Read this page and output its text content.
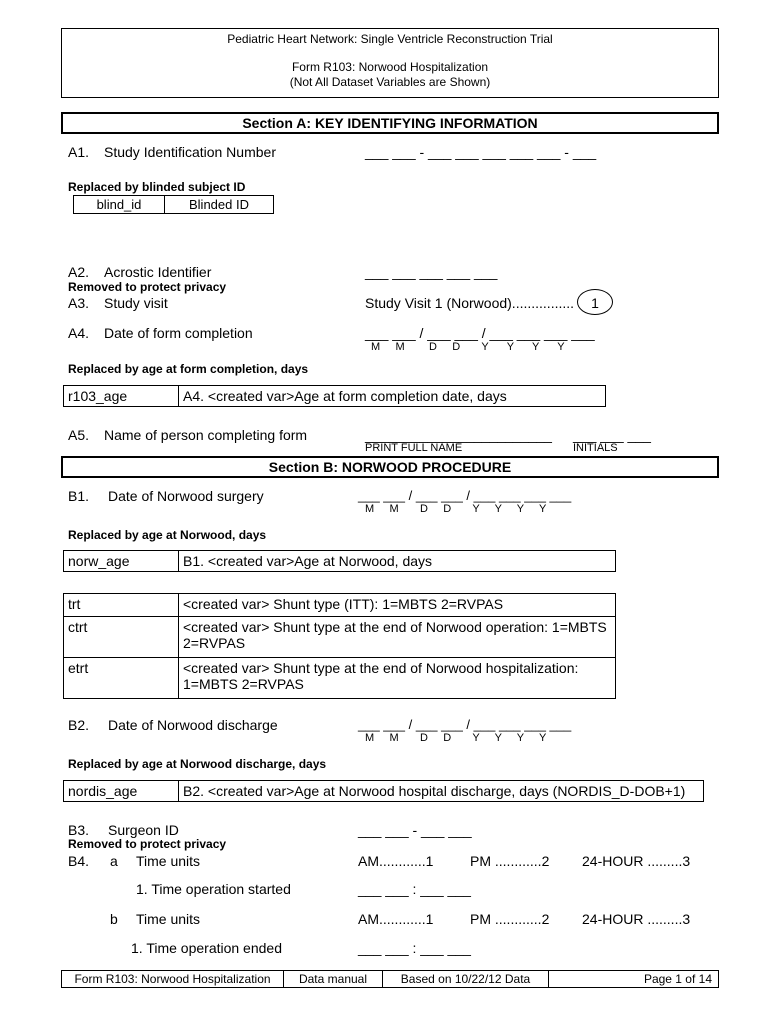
Pediatric Heart Network: Single Ventricle Reconstruction Trial
Form R103: Norwood Hospitalization
(Not All Dataset Variables are Shown)
Section A: KEY IDENTIFYING INFORMATION
A1. Study Identification Number	___ ___ - ___ ___ ___ ___ ___ - ___
Replaced by blinded subject ID
blind_id	Blinded ID
A2. Acrostic Identifier	___ ___ ___ ___ ___
Removed to protect privacy
A3. Study visit	Study Visit 1 (Norwood)................	1
A4. Date of form completion	___ ___ / ___ ___ / ___ ___ ___ ___
M     M        D     D       Y      Y      Y      Y
Replaced by age at form completion, days
r103_age	A4. <created var>Age at form completion date, days
A5. Name of person completing form	________________________ ___ ___ ___
PRINT FULL NAME	INITIALS
Section B: NORWOOD PROCEDURE
B1. Date of Norwood surgery	___ ___ / ___ ___ / ___ ___ ___ ___
M     M       D     D       Y     Y     Y     Y
Replaced by age at Norwood, days
norw_age	B1. <created var>Age at Norwood, days
trt	<created var> Shunt type (ITT): 1=MBTS 2=RVPAS
ctrt	<created var> Shunt type at the end of Norwood operation: 1=MBTS 2=RVPAS
etrt	<created var> Shunt type at the end of Norwood hospitalization: 1=MBTS 2=RVPAS
B2. Date of Norwood discharge	___ ___ / ___ ___ / ___ ___ ___ ___
M     M       D     D       Y     Y     Y     Y
Replaced by age at Norwood discharge, days
nordis_age	B2. <created var>Age at Norwood hospital discharge, days (NORDIS_D-DOB+1)
B3. Surgeon ID	___ ___ - ___ ___
Removed to protect privacy
B4. a Time units	AM............1	PM ............2 24-HOUR .........3
1. Time operation started	___ ___ : ___ ___
b Time units	AM............1	PM ............2 24-HOUR .........3
1. Time operation ended	___ ___ : ___ ___
Form R103: Norwood Hospitalization	Data manual	Based on 10/22/12 Data	Page 1 of 14
